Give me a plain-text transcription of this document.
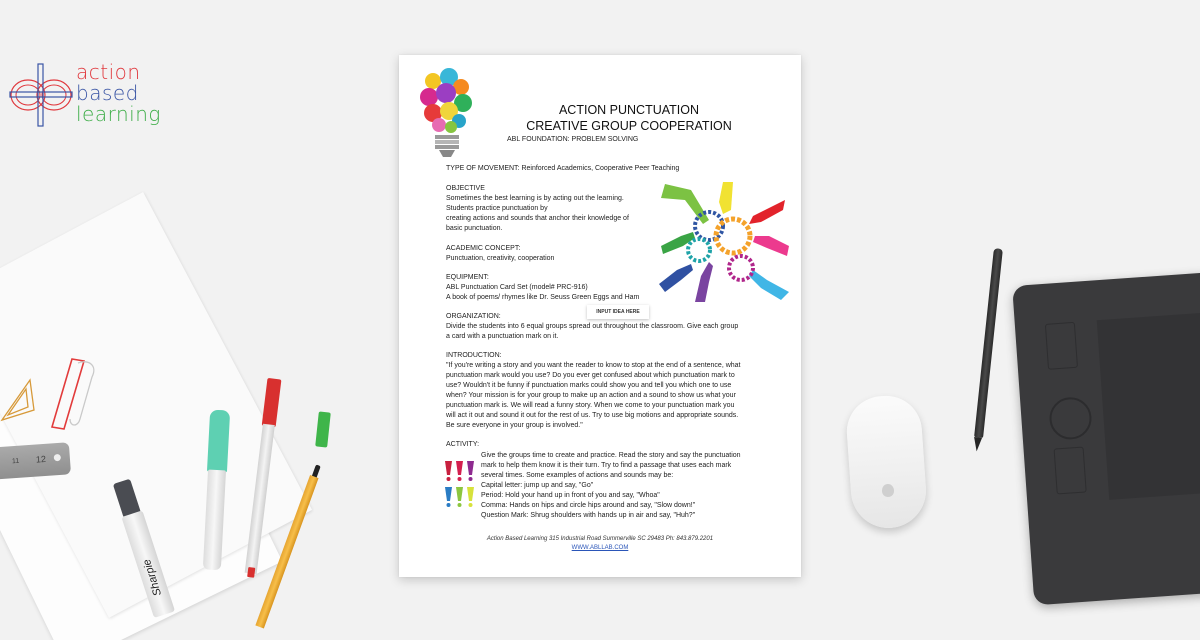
action
based
learning
11 12
Sharpie
ACTION PUNCTUATION
CREATIVE GROUP COOPERATION
ABL FOUNDATION: PROBLEM SOLVING
TYPE OF MOVEMENT: Reinforced Academics, Cooperative Peer Teaching
OBJECTIVE
Sometimes the best learning is by acting out the learning.
Students practice punctuation by
creating actions and sounds that anchor their knowledge of
basic punctuation.
ACADEMIC CONCEPT:
Punctuation, creativity, cooperation
EQUIPMENT:
ABL Punctuation Card Set (model# PRC-916)
A book of poems/ rhymes like Dr. Seuss Green Eggs and Ham
INPUT IDEA HERE
ORGANIZATION:
Divide the students into 6 equal groups spread out throughout the classroom. Give each group
a card with a punctuation mark on it.
INTRODUCTION:
"If you're writing a story and you want the reader to know to stop at the end of a sentence, what
punctuation mark would you use? Do you ever get confused about which punctuation mark to
use? Wouldn't it be funny if punctuation marks could show you and tell you which one to use
when? Your mission is for your group to make up an action and a sound to show us what your
punctuation mark is. We will read a funny story. When we come to your punctuation mark you
will act it out and sound it out for the rest of us. Try to use big motions and appropriate sounds.
Be sure everyone in your group is involved."
ACTIVITY:
Give the groups time to create and practice. Read the story and say the punctuation
mark to help them know it is their turn. Try to find a passage that uses each mark
several times. Some examples of actions and sounds may be:
Capital letter: jump up and say, "Go"
Period: Hold your hand up in front of you and say, "Whoa"
Comma: Hands on hips and circle hips around and say, "Slow down!"
Question Mark: Shrug shoulders with hands up in air and say, "Huh?"
Action Based Learning 315 Industrial Road Summerville SC 29483 Ph: 843.879.2201
WWW.ABLLAB.COM
